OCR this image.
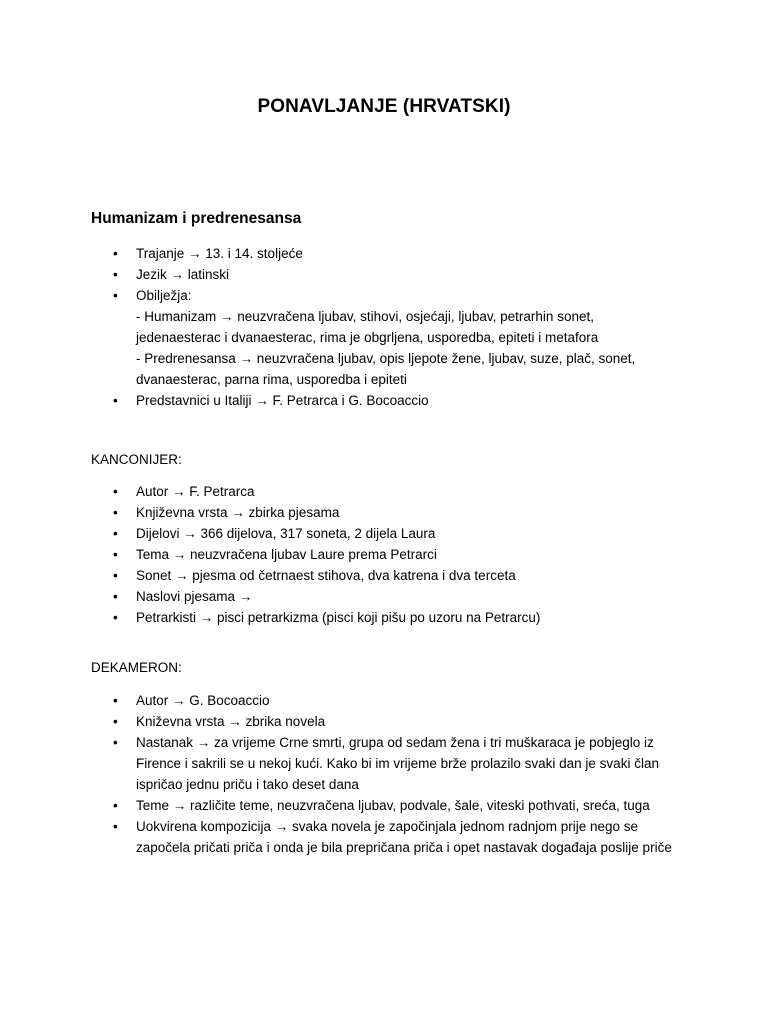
PONAVLJANJE (HRVATSKI)
Humanizam i predrenesansa
• Trajanje → 13. i 14. stoljeće
• Jezik → latinski
• Obilježja:
- Humanizam → neuzvračena ljubav, stihovi, osjećaji, ljubav, petrarhin sonet,
jedenaesterac i dvanaesterac, rima je obgrljena, usporedba, epiteti i metafora
- Predrenesansa → neuzvračena ljubav, opis ljepote žene, ljubav, suze, plač, sonet,
dvanaesterac, parna rima, usporedba i epiteti
• Predstavnici u Italiji → F. Petrarca i G. Bocoaccio
KANCONIJER:
• Autor → F. Petrarca
• Književna vrsta → zbirka pjesama
• Dijelovi → 366 dijelova, 317 soneta, 2 dijela Laura
• Tema → neuzvračena ljubav Laure prema Petrarci
• Sonet → pjesma od četrnaest stihova, dva katrena i dva terceta
• Naslovi pjesama →
• Petrarkisti → pisci petrarkizma (pisci koji pišu po uzoru na Petrarcu)
DEKAMERON:
• Autor → G. Bocoaccio
• Kniževna vrsta → zbrika novela
• Nastanak → za vrijeme Crne smrti, grupa od sedam žena i tri muškaraca je pobjeglo iz Firence i sakrili se u nekoj kući. Kako bi im vrijeme brže prolazilo svaki dan je svaki član ispričao jednu priču i tako deset dana
• Teme → različite teme, neuzvračena ljubav, podvale, šale, viteski pothvati, sreća, tuga
• Uokvirena kompozicija → svaka novela je započinjala jednom radnjom prije nego se započela pričati priča i onda je bila prepričana priča i opet nastavak događaja poslije priče
